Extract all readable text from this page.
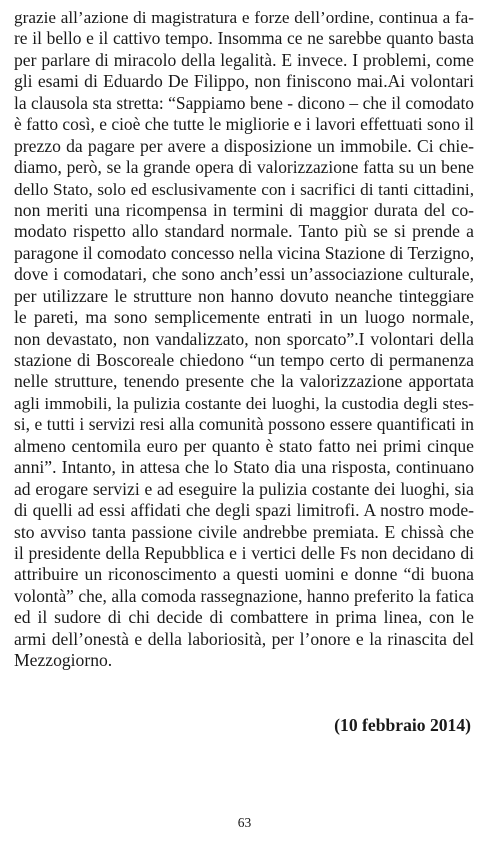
grazie all’azione di magistratura e forze dell’ordine, continua a fa-
re il bello e il cattivo tempo. Insomma ce ne sarebbe quanto basta
per parlare di miracolo della legalità. E invece. I problemi, come
gli esami di Eduardo De Filippo, non finiscono mai.Ai volontari
la clausola sta stretta: “Sappiamo bene - dicono – che il comodato
è fatto così, e cioè che tutte le migliorie e i lavori effettuati sono il
prezzo da pagare per avere a disposizione un immobile. Ci chie-
diamo, però, se la grande opera di valorizzazione fatta su un bene
dello Stato, solo ed esclusivamente con i sacrifici di tanti cittadini,
non meriti una ricompensa in termini di maggior durata del co-
modato rispetto allo standard normale. Tanto più se si prende a
paragone il comodato concesso nella vicina Stazione di Terzigno,
dove i comodatari, che sono anch’essi un’associazione culturale,
per utilizzare le strutture non hanno dovuto neanche tinteggiare
le pareti, ma sono semplicemente entrati in un luogo normale,
non devastato, non vandalizzato, non sporcato”.I volontari della
stazione di Boscoreale chiedono “un tempo certo di permanenza
nelle strutture, tenendo presente che la valorizzazione apportata
agli immobili, la pulizia costante dei luoghi, la custodia degli stes-
si, e tutti i servizi resi alla comunità possono essere quantificati in
almeno centomila euro per quanto è stato fatto nei primi cinque
anni”. Intanto, in attesa che lo Stato dia una risposta, continuano
ad erogare servizi e ad eseguire la pulizia costante dei luoghi, sia
di quelli ad essi affidati che degli spazi limitrofi. A nostro mode-
sto avviso tanta passione civile andrebbe premiata. E chissà che
il presidente della Repubblica e i vertici delle Fs non decidano di
attribuire un riconoscimento a questi uomini e donne “di buona
volontà” che, alla comoda rassegnazione, hanno preferito la fatica
ed il sudore di chi decide di combattere in prima linea, con le
armi dell’onestà e della laboriosità, per l’onore e la rinascita del
Mezzogiorno.
(10 febbraio 2014)
63
